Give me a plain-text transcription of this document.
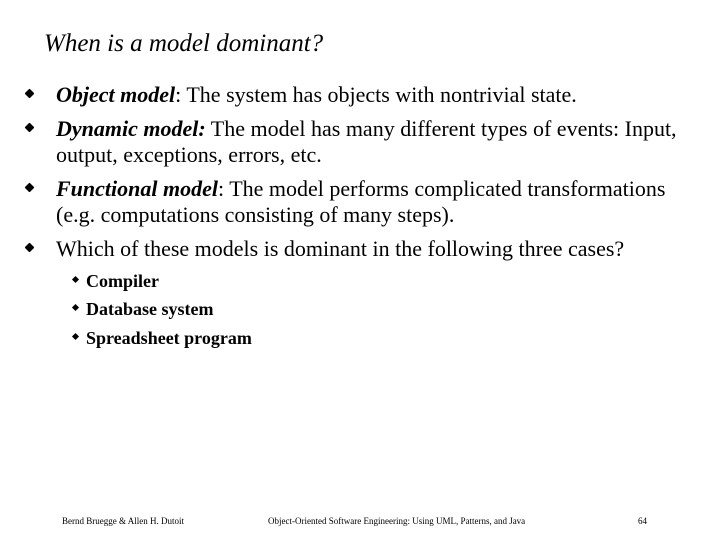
When is a model dominant?
Object model: The system has objects with nontrivial state.
Dynamic model: The model has many different types of events: Input, output, exceptions, errors, etc.
Functional model: The model performs complicated transformations (e.g. computations consisting of many steps).
Which of these models is dominant in the following three cases?
Compiler
Database system
Spreadsheet program
Bernd Bruegge & Allen H. Dutoit	Object-Oriented Software Engineering: Using UML, Patterns, and Java	64
